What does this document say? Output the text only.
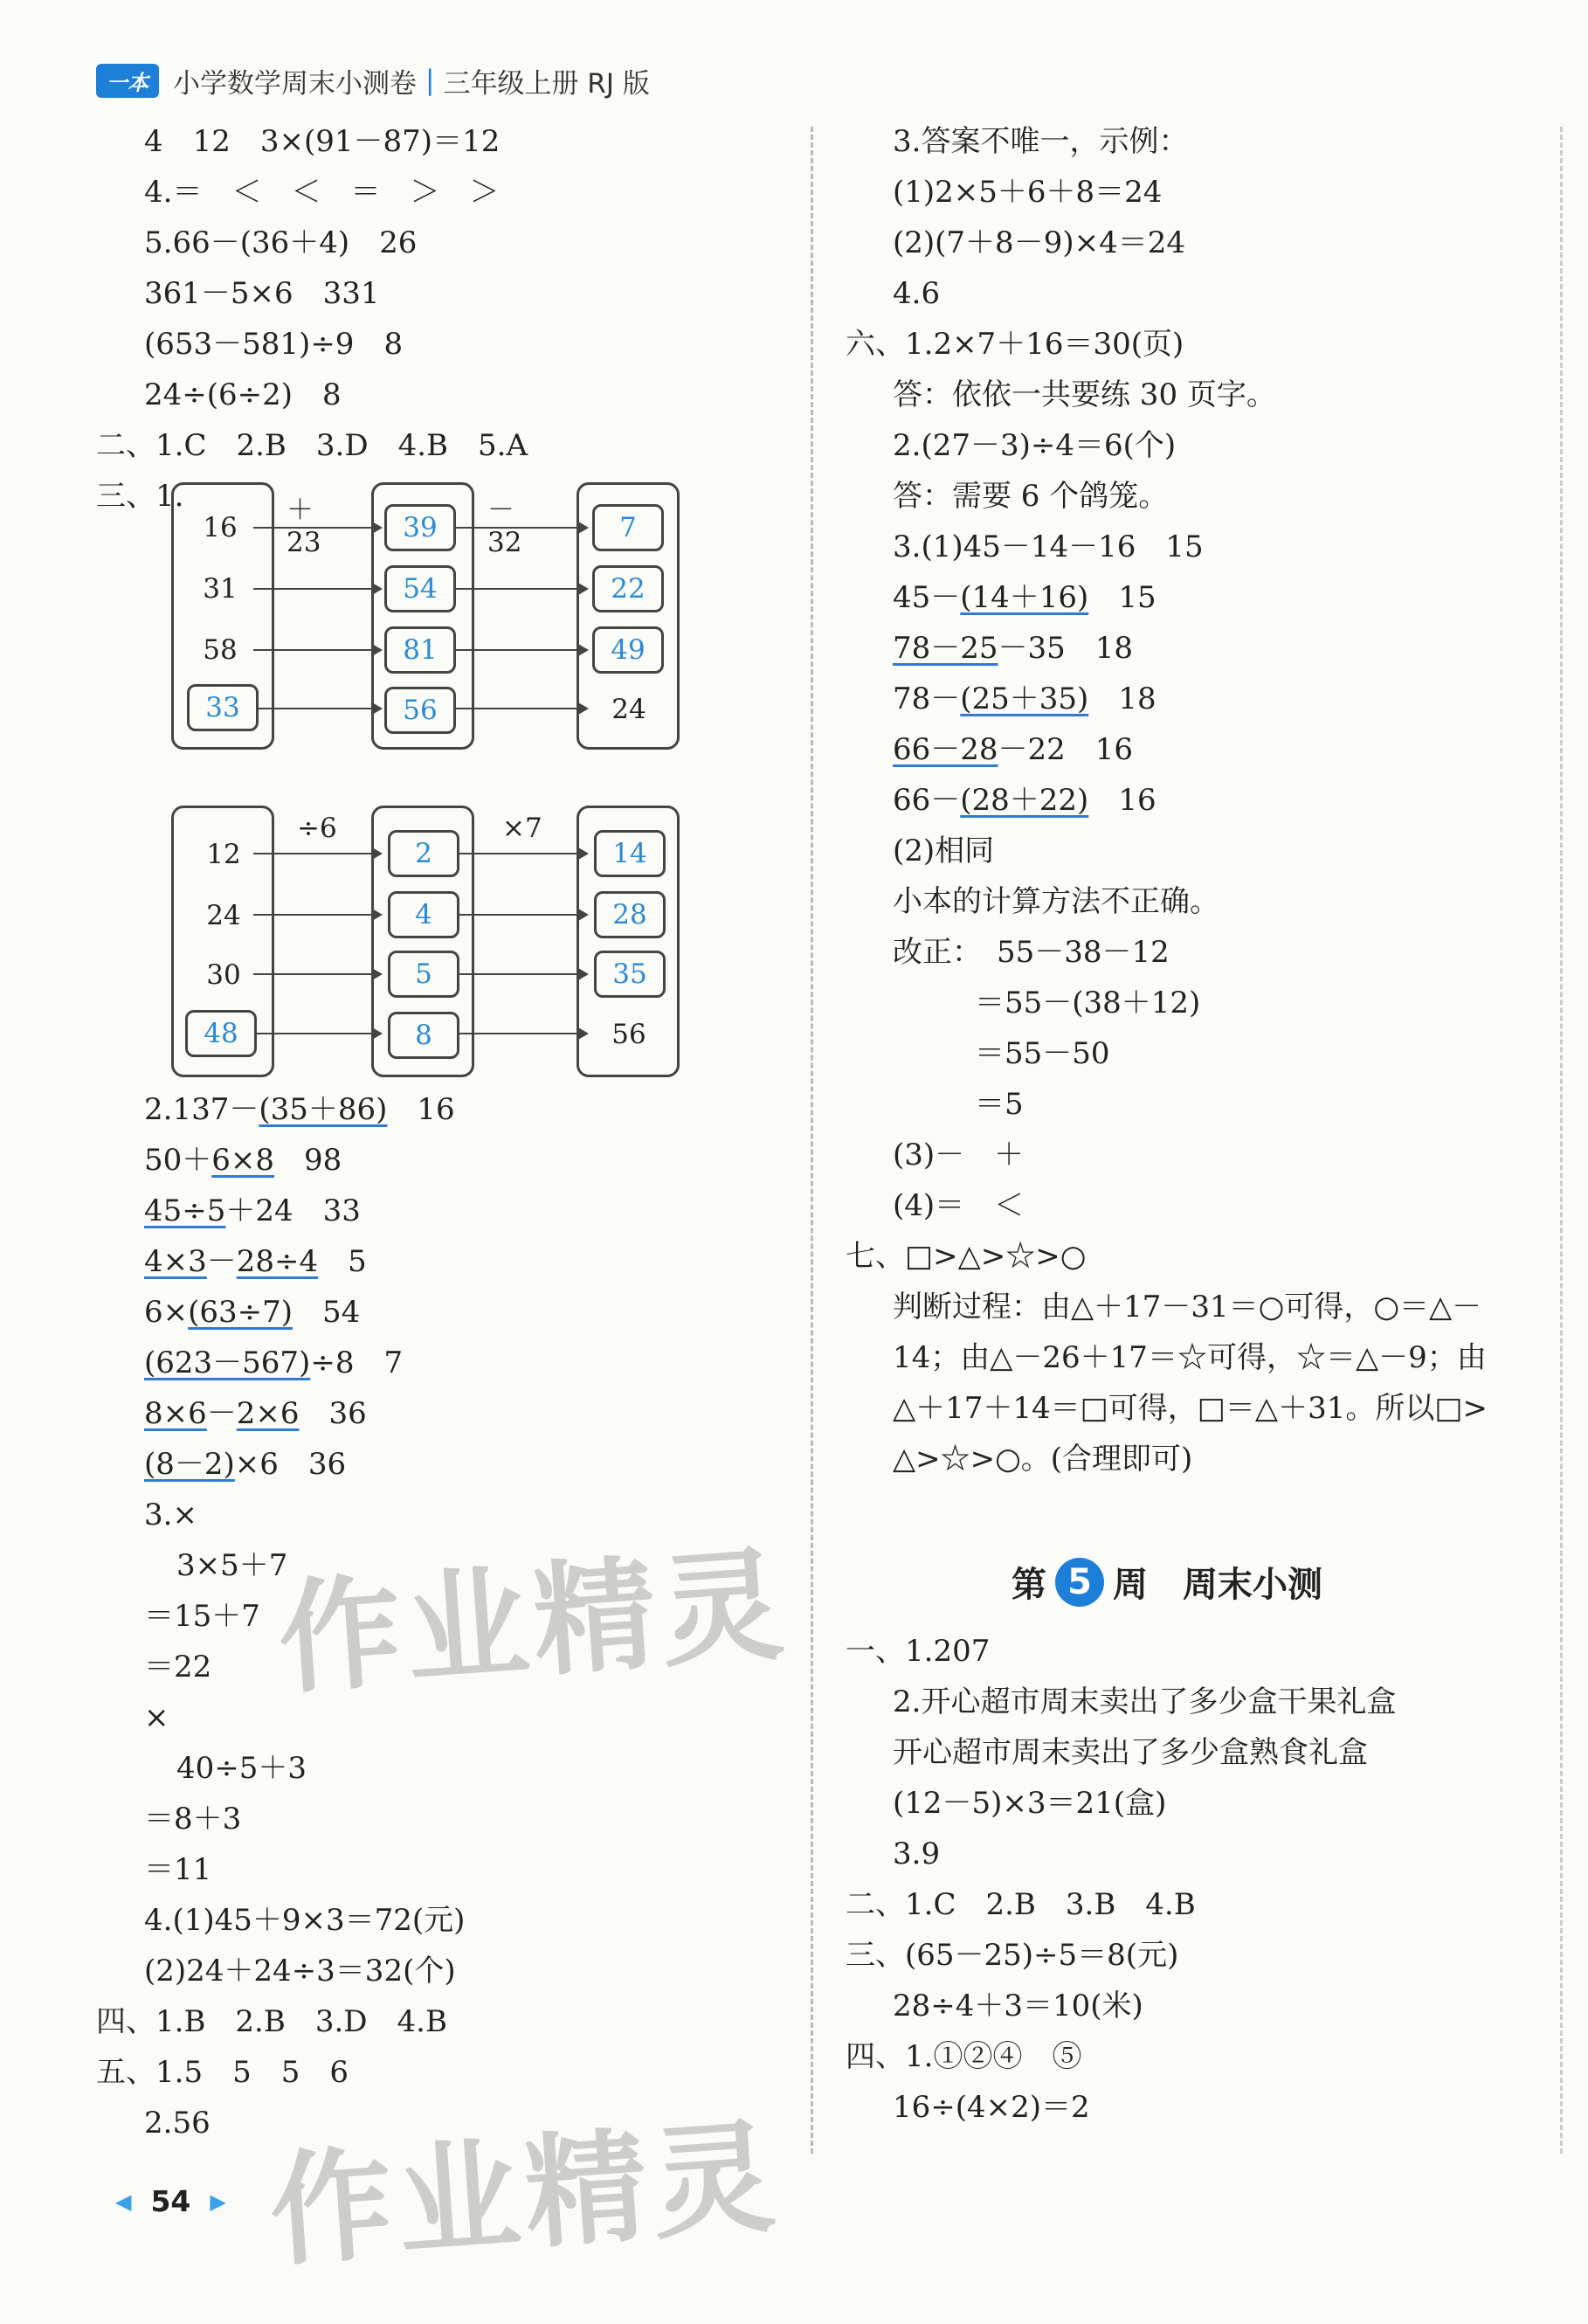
一本 小学数学周末小测卷 | 三年级上册 RJ 版
4　12　3×(91－87)＝12
4.＝　＜　＜　＝　＞　＞
5.66－(36＋4)　26
361－5×6　331
(653－581)÷9　8
24÷(6÷2)　8
二、1.C　2.B　3.D　4.B　5.A
三、1.	＋23
－32
16
31
58
33
39
54
81
56
7
22
49
24
÷6	×7
12
24
30
48
2
4
5
8
14
28
35
56
2.137－(35＋86)　16
50＋6×8　98
45÷5＋24　33
4×3－28÷4　5
6×(63÷7)　54
(623－567)÷8　7
8×6－2×6　36
(8－2)×6　36
3.×
3×5＋7
＝15＋7
＝22
×
40÷5＋3
＝8＋3
＝11
4.(1)45＋9×3＝72(元)
(2)24＋24÷3＝32(个)
四、1.B　2.B　3.D　4.B
五、1.5　5　5　6
2.56
3.答案不唯一，示例：
(1)2×5＋6＋8＝24
(2)(7＋8－9)×4＝24
4.6
六、1.2×7＋16＝30(页)
答：依依一共要练 30 页字。
2.(27－3)÷4＝6(个)
答：需要 6 个鸽笼。
3.(1)45－14－16　15
45－(14＋16)　15
78－25－35　18
78－(25＋35)　18
66－28－22　16
66－(28＋22)　16
(2)相同
小本的计算方法不正确。
改正：　55－38－12
＝55－(38＋12)
＝55－50
＝5
(3)－　＋
(4)＝　＜
七、□>△>☆>○
判断过程：由△＋17－31＝○可得，○＝△－
14；由△－26＋17＝☆可得，☆＝△－9；由
△＋17＋14＝□可得，□＝△＋31。所以□>
△>☆>○。(合理即可)
第 5 周　周末小测
一、1.207
2.开心超市周末卖出了多少盒干果礼盒
开心超市周末卖出了多少盒熟食礼盒
(12－5)×3＝21(盒)
3.9
二、1.C　2.B　3.B　4.B
三、(65－25)÷5＝8(元)
28÷4＋3＝10(米)
四、1.①②④　⑤
16÷(4×2)＝2
作业精灵
作业精灵
◀ 54 ▶
